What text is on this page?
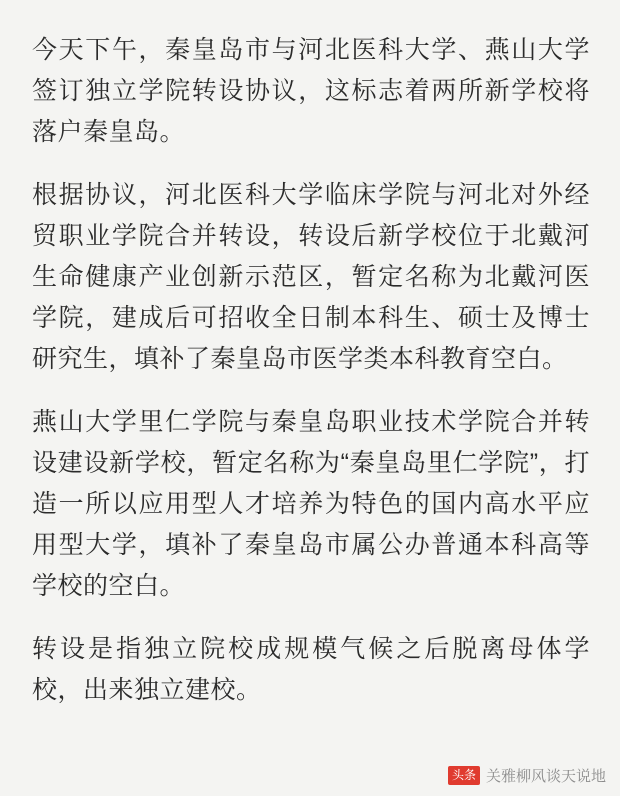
今天下午，秦皇岛市与河北医科大学、燕山大学签订独立学院转设协议，这标志着两所新学校将落户秦皇岛。

根据协议，河北医科大学临床学院与河北对外经贸职业学院合并转设，转设后新学校位于北戴河生命健康产业创新示范区，暂定名称为北戴河医学院，建成后可招收全日制本科生、硕士及博士研究生，填补了秦皇岛市医学类本科教育空白。

燕山大学里仁学院与秦皇岛职业技术学院合并转设建设新学校，暂定名称为“秦皇岛里仁学院”，打造一所以应用型人才培养为特色的国内高水平应用型大学，填补了秦皇岛市属公办普通本科高等学校的空白。

转设是指独立院校成规模气候之后脱离母体学校，出来独立建校。

头条 关雅柳风谈天说地
